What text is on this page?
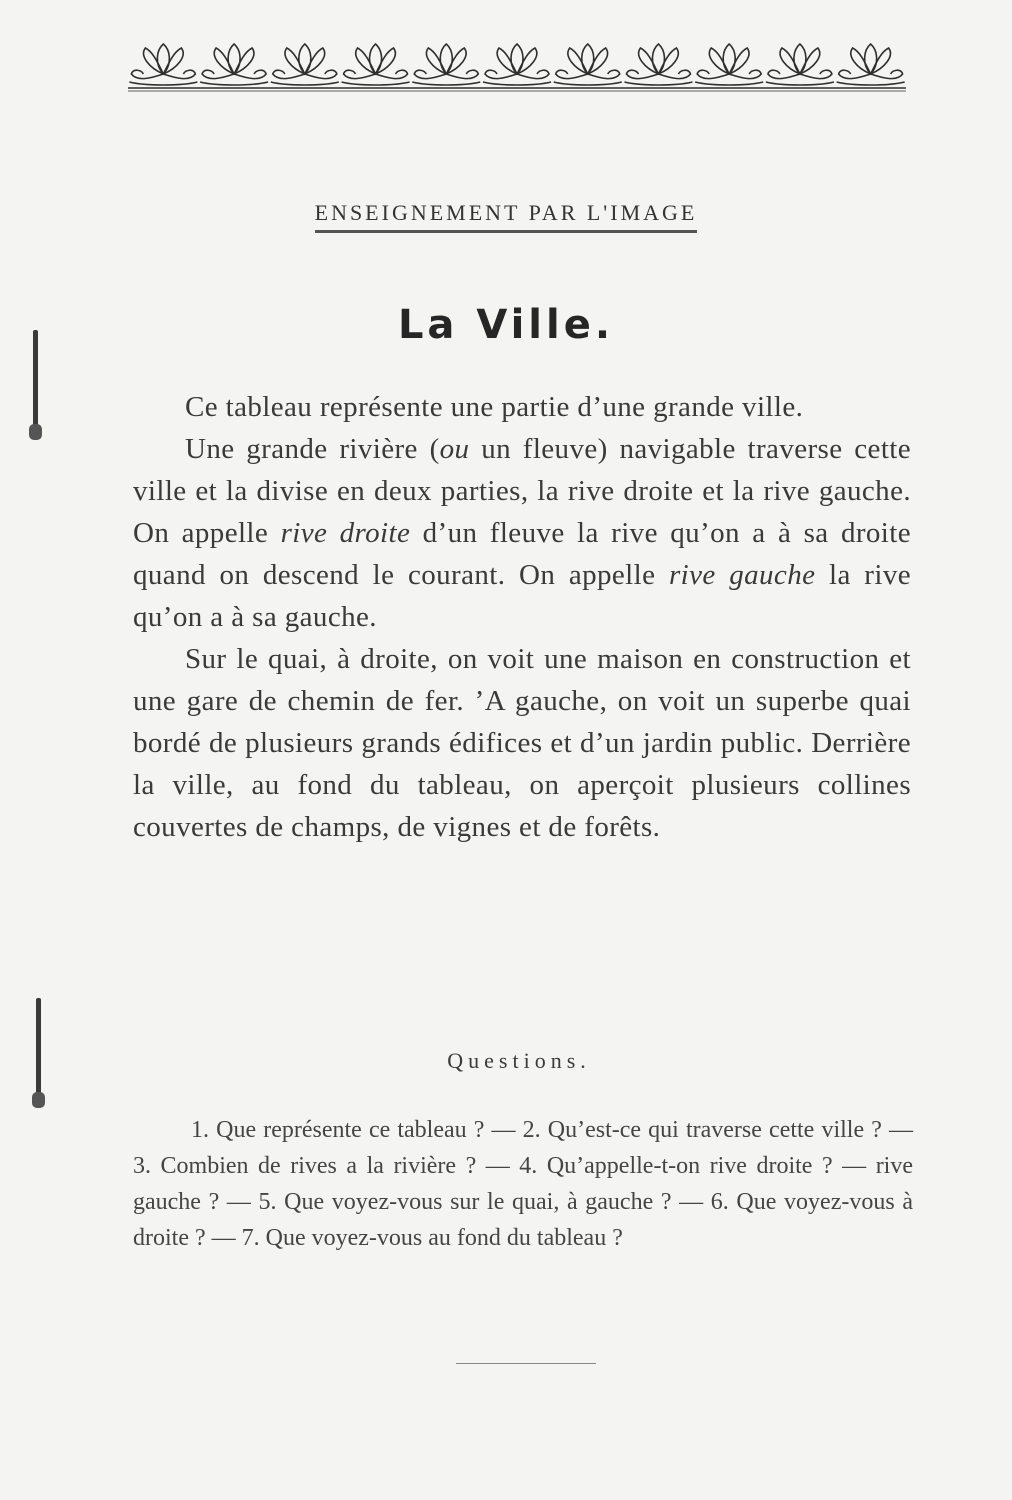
ENSEIGNEMENT PAR L'IMAGE
La Ville.

Ce tableau représente une partie d’une grande ville.

Une grande rivière (ou un fleuve) navigable traverse cette ville et la divise en deux parties, la rive droite et la rive gauche. On appelle rive droite d’un fleuve la rive qu’on a à sa droite quand on descend le courant. On appelle rive gauche la rive qu’on a à sa gauche.

Sur le quai, à droite, on voit une maison en construction et une gare de chemin de fer. ’A gauche, on voit un superbe quai bordé de plusieurs grands édifices et d’un jardin public. Derrière la ville, au fond du tableau, on aperçoit plusieurs collines couvertes de champs, de vignes et de forêts.

Questions.
1. Que représente ce tableau ? — 2. Qu’est-ce qui traverse cette ville ? — 3. Combien de rives a la rivière ? — 4. Qu’appelle-t-on rive droite ? — rive gauche ? — 5. Que voyez-vous sur le quai, à gauche ? — 6. Que voyez-vous à droite ? — 7. Que voyez-vous au fond du tableau ?
